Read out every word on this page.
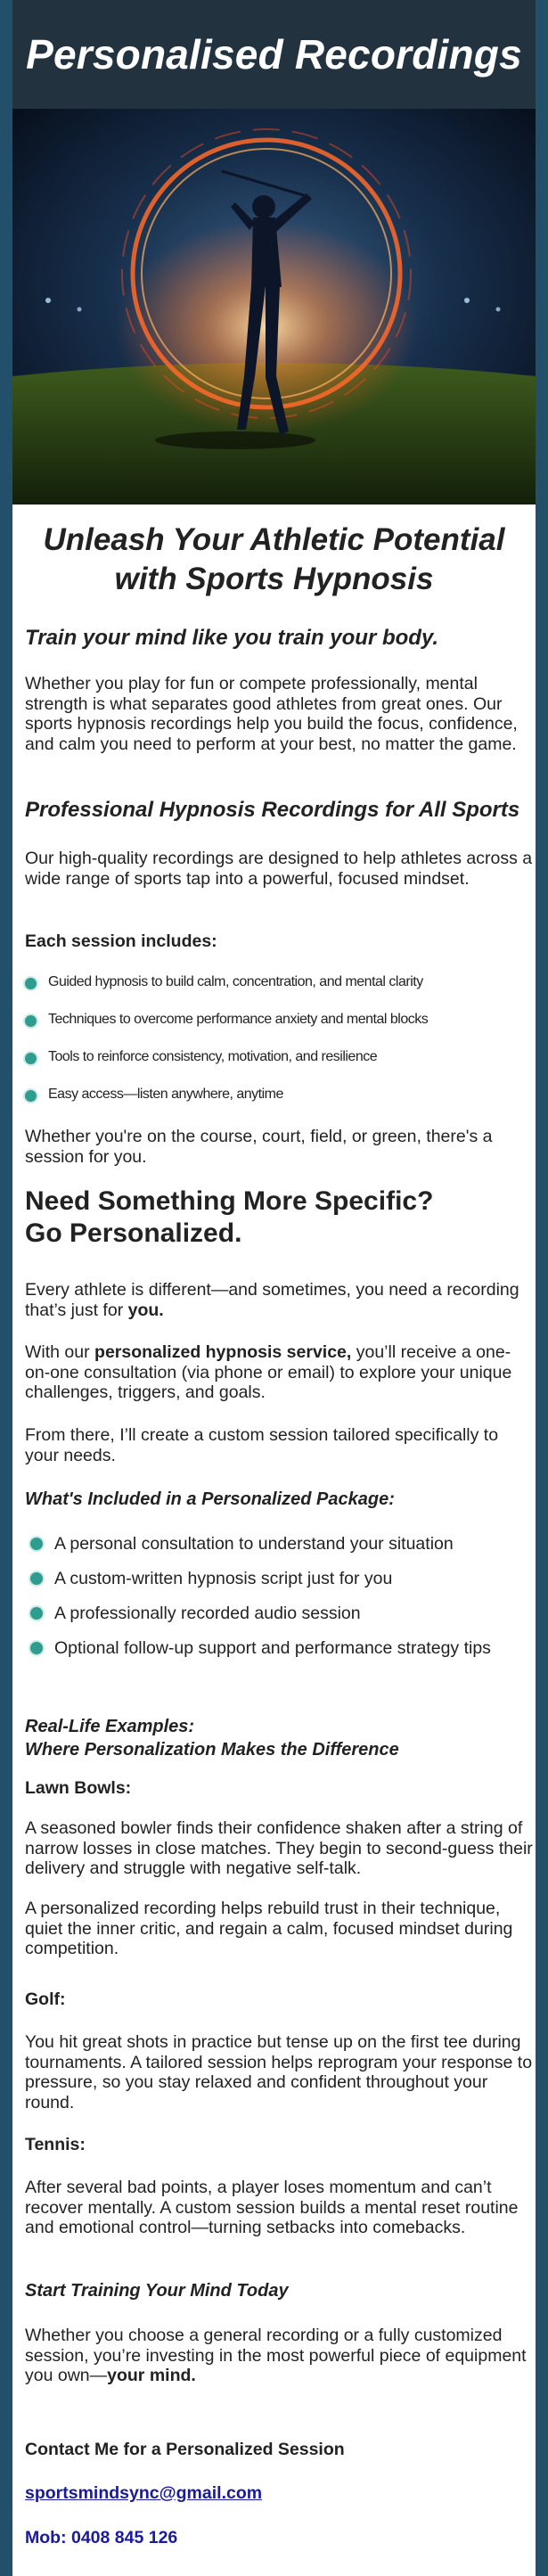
Personalised Recordings
Unleash Your Athletic Potential
with Sports Hypnosis

Train your mind like you train your body.

Whether you play for fun or compete professionally, mental strength is what separates good athletes from great ones. Our sports hypnosis recordings help you build the focus, confidence, and calm you need to perform at your best, no matter the game.

Professional Hypnosis Recordings for All Sports

Our high-quality recordings are designed to help athletes across a wide range of sports tap into a powerful, focused mindset.

Each session includes:

Guided hypnosis to build calm, concentration, and mental clarity
Techniques to overcome performance anxiety and mental blocks
Tools to reinforce consistency, motivation, and resilience
Easy access—listen anywhere, anytime

Whether you're on the course, court, field, or green, there's a session for you.

Need Something More Specific?
Go Personalized.

Every athlete is different—and sometimes, you need a recording that’s just for you.

With our personalized hypnosis service, you’ll receive a one-on-one consultation (via phone or email) to explore your unique challenges, triggers, and goals.

From there, I’ll create a custom session tailored specifically to your needs.

What's Included in a Personalized Package:

A personal consultation to understand your situation
A custom-written hypnosis script just for you
A professionally recorded audio session
Optional follow-up support and performance strategy tips

Real-Life Examples:
Where Personalization Makes the Difference

Lawn Bowls:

A seasoned bowler finds their confidence shaken after a string of narrow losses in close matches. They begin to second-guess their delivery and struggle with negative self-talk.

A personalized recording helps rebuild trust in their technique, quiet the inner critic, and regain a calm, focused mindset during competition.

Golf:

You hit great shots in practice but tense up on the first tee during tournaments. A tailored session helps reprogram your response to pressure, so you stay relaxed and confident throughout your round.

Tennis:

After several bad points, a player loses momentum and can’t recover mentally. A custom session builds a mental reset routine and emotional control—turning setbacks into comebacks.

Start Training Your Mind Today

Whether you choose a general recording or a fully customized session, you’re investing in the most powerful piece of equipment you own—your mind.

Contact Me for a Personalized Session

sportsmindsync@gmail.com

Mob: 0408 845 126
